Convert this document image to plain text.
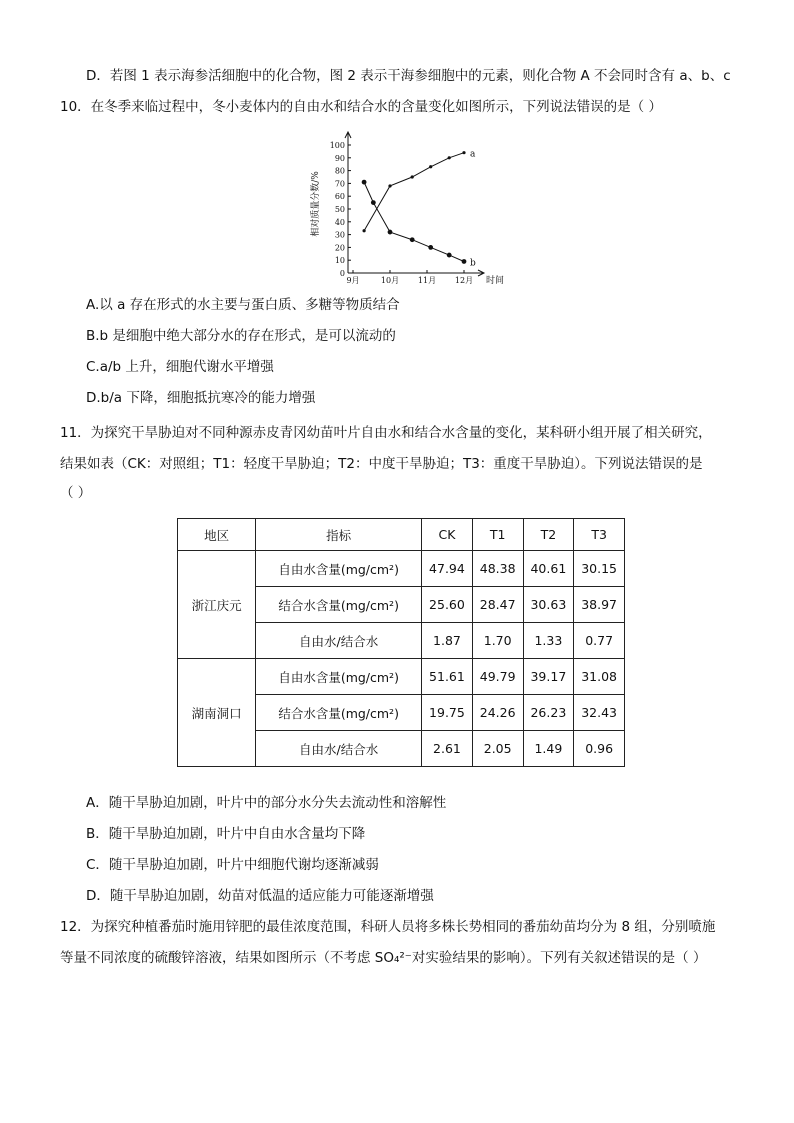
D．若图 1 表示海参活细胞中的化合物，图 2 表示干海参细胞中的元素，则化合物 A 不会同时含有 a、b、c
10．在冬季来临过程中，冬小麦体内的自由水和结合水的含量变化如图所示，下列说法错误的是（ ）
0
10
20
30
40
50
60
70
80
90
100
9月	10月 11月 12月
a
b
相对质量分数/%
时间
A.以 a 存在形式的水主要与蛋白质、多糖等物质结合
B.b 是细胞中绝大部分水的存在形式，是可以流动的
C.a/b 上升，细胞代谢水平增强
D.b/a 下降，细胞抵抗寒冷的能力增强
11．为探究干旱胁迫对不同种源赤皮青冈幼苗叶片自由水和结合水含量的变化，某科研小组开展了相关研究，
结果如表（CK：对照组；T1：轻度干旱胁迫；T2：中度干旱胁迫；T3：重度干旱胁迫）。下列说法错误的是
（ ）
地区	指标	CK	T1	T2	T3
浙江庆元	自由水含量(mg/cm²)	47.94	48.38	40.61	30.15
	结合水含量(mg/cm²)	25.60	28.47	30.63	38.97
	自由水/结合水	1.87	1.70	1.33	0.77
湖南洞口	自由水含量(mg/cm²)	51.61	49.79	39.17	31.08
	结合水含量(mg/cm²)	19.75	24.26	26.23	32.43
	自由水/结合水	2.61	2.05	1.49	0.96
A．随干旱胁迫加剧，叶片中的部分水分失去流动性和溶解性
B．随干旱胁迫加剧，叶片中自由水含量均下降
C．随干旱胁迫加剧，叶片中细胞代谢均逐渐减弱
D．随干旱胁迫加剧，幼苗对低温的适应能力可能逐渐增强
12．为探究种植番茄时施用锌肥的最佳浓度范围，科研人员将多株长势相同的番茄幼苗均分为 8 组，分别喷施
等量不同浓度的硫酸锌溶液，结果如图所示（不考虑 SO₄²⁻对实验结果的影响）。下列有关叙述错误的是（ ）
